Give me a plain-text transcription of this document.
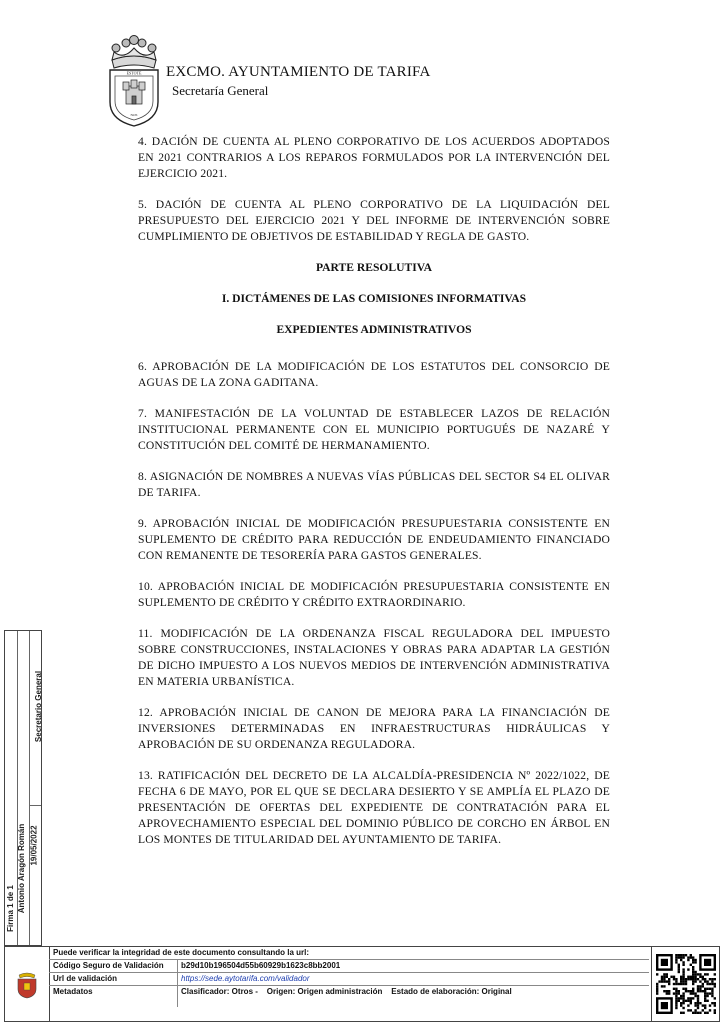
ESTOTE
NOS
EXCMO. AYUNTAMIENTO DE TARIFA
Secretaría General

4. DACIÓN DE CUENTA AL PLENO CORPORATIVO DE LOS ACUERDOS ADOPTADOS EN 2021 CONTRARIOS A LOS REPAROS FORMULADOS POR LA INTERVENCIÓN DEL EJERCICIO 2021.

5. DACIÓN DE CUENTA AL PLENO CORPORATIVO DE LA LIQUIDACIÓN DEL PRESUPUESTO DEL EJERCICIO 2021 Y DEL INFORME DE INTERVENCIÓN SOBRE CUMPLIMIENTO DE OBJETIVOS DE ESTABILIDAD Y REGLA DE GASTO.

PARTE RESOLUTIVA

I. DICTÁMENES DE LAS COMISIONES INFORMATIVAS

EXPEDIENTES ADMINISTRATIVOS

6. APROBACIÓN DE LA MODIFICACIÓN DE LOS ESTATUTOS DEL CONSORCIO DE AGUAS DE LA ZONA GADITANA.

7. MANIFESTACIÓN DE LA VOLUNTAD DE ESTABLECER LAZOS DE RELACIÓN INSTITUCIONAL PERMANENTE CON EL MUNICIPIO PORTUGUÉS DE NAZARÉ Y CONSTITUCIÓN DEL COMITÉ DE HERMANAMIENTO.

8. ASIGNACIÓN DE NOMBRES A NUEVAS VÍAS PÚBLICAS DEL SECTOR S4 EL OLIVAR DE TARIFA.

9. APROBACIÓN INICIAL DE MODIFICACIÓN PRESUPUESTARIA CONSISTENTE EN SUPLEMENTO DE CRÉDITO PARA REDUCCIÓN DE ENDEUDAMIENTO FINANCIADO CON REMANENTE DE TESORERÍA PARA GASTOS GENERALES.

10. APROBACIÓN INICIAL DE MODIFICACIÓN PRESUPUESTARIA CONSISTENTE EN SUPLEMENTO DE CRÉDITO Y CRÉDITO EXTRAORDINARIO.

11. MODIFICACIÓN DE LA ORDENANZA FISCAL REGULADORA DEL IMPUESTO SOBRE CONSTRUCCIONES, INSTALACIONES Y OBRAS PARA ADAPTAR LA GESTIÓN DE DICHO IMPUESTO A LOS NUEVOS MEDIOS DE INTERVENCIÓN ADMINISTRATIVA EN MATERIA URBANÍSTICA.

12. APROBACIÓN INICIAL DE CANON DE MEJORA PARA LA FINANCIACIÓN DE INVERSIONES DETERMINADAS EN INFRAESTRUCTURAS HIDRÁULICAS Y APROBACIÓN DE SU ORDENANZA REGULADORA.

13. RATIFICACIÓN DEL DECRETO DE LA ALCALDÍA-PRESIDENCIA Nº 2022/1022, DE FECHA 6 DE MAYO, POR EL QUE SE DECLARA DESIERTO Y SE AMPLÍA EL PLAZO DE PRESENTACIÓN DE OFERTAS DEL EXPEDIENTE DE CONTRATACIÓN PARA EL APROVECHAMIENTO ESPECIAL DEL DOMINIO PÚBLICO DE CORCHO EN ÁRBOL EN LOS MONTES DE TITULARIDAD DEL AYUNTAMIENTO DE TARIFA.

Firma 1 de 1 Antonio Aragón Román
Secretario General
19/05/2022
Puede verificar la integridad de este documento consultando la url:
Código Seguro de Validación b29d10b196504d55b60929b1623c8bb2001
Url de validación	https://sede.aytotarifa.com/validador
Metadatos	Clasificador: Otros -    Origen: Origen administración    Estado de elaboración: Original
